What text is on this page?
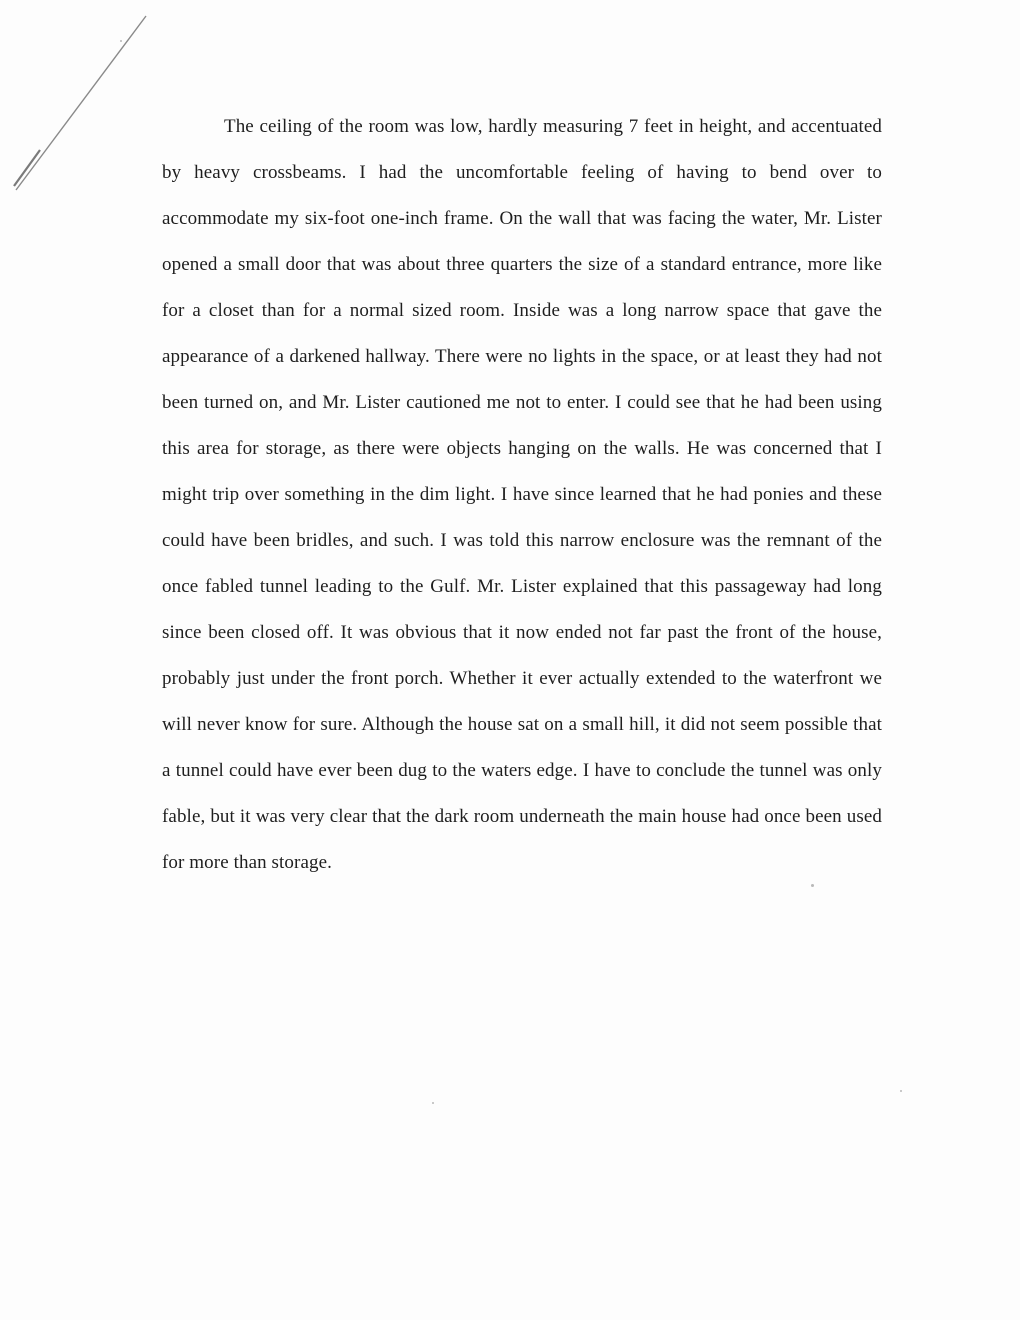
The ceiling of the room was low, hardly measuring 7 feet in height, and accentuated by heavy crossbeams. I had the uncomfortable feeling of having to bend over to accommodate my six-foot one-inch frame. On the wall that was facing the water, Mr. Lister opened a small door that was about three quarters the size of a standard entrance, more like for a closet than for a normal sized room. Inside was a long narrow space that gave the appearance of a darkened hallway. There were no lights in the space, or at least they had not been turned on, and Mr. Lister cautioned me not to enter. I could see that he had been using this area for storage, as there were objects hanging on the walls. He was concerned that I might trip over something in the dim light. I have since learned that he had ponies and these could have been bridles, and such. I was told this narrow enclosure was the remnant of the once fabled tunnel leading to the Gulf. Mr. Lister explained that this passageway had long since been closed off. It was obvious that it now ended not far past the front of the house, probably just under the front porch. Whether it ever actually extended to the waterfront we will never know for sure. Although the house sat on a small hill, it did not seem possible that a tunnel could have ever been dug to the waters edge. I have to conclude the tunnel was only fable, but it was very clear that the dark room underneath the main house had once been used for more than storage.
